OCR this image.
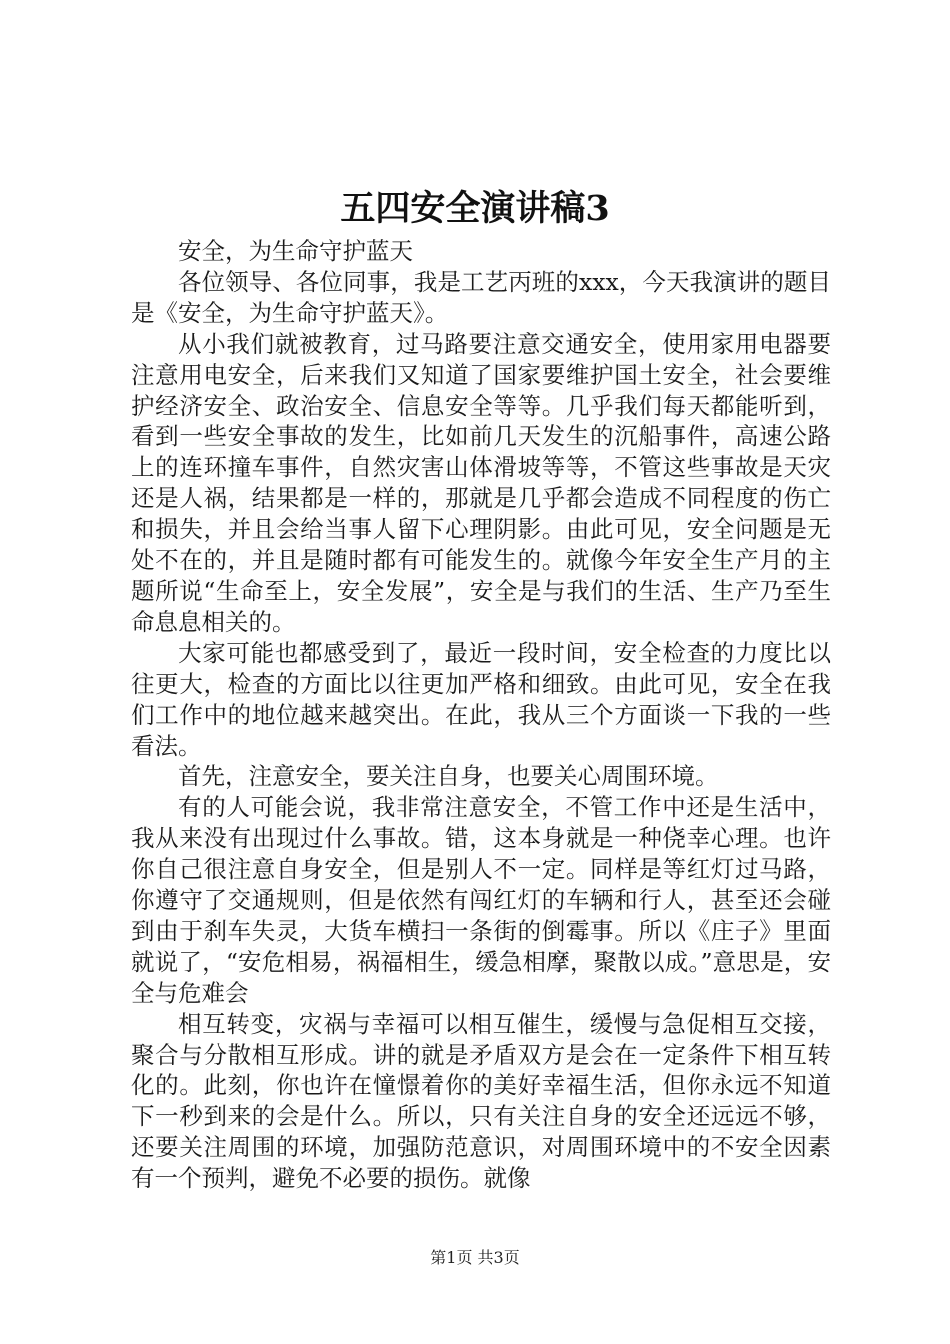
五四安全演讲稿3

安全，为生命守护蓝天

各位领导、各位同事，我是工艺丙班的xxx，今天我演讲的题目是《安全，为生命守护蓝天》。

从小我们就被教育，过马路要注意交通安全，使用家用电器要注意用电安全，后来我们又知道了国家要维护国土安全，社会要维护经济安全、政治安全、信息安全等等。几乎我们每天都能听到，看到一些安全事故的发生，比如前几天发生的沉船事件，高速公路上的连环撞车事件，自然灾害山体滑坡等等，不管这些事故是天灾还是人祸，结果都是一样的，那就是几乎都会造成不同程度的伤亡和损失，并且会给当事人留下心理阴影。由此可见，安全问题是无处不在的，并且是随时都有可能发生的。就像今年安全生产月的主题所说“生命至上，安全发展”，安全是与我们的生活、生产乃至生命息息相关的。

大家可能也都感受到了，最近一段时间，安全检查的力度比以往更大，检查的方面比以往更加严格和细致。由此可见，安全在我们工作中的地位越来越突出。在此，我从三个方面谈一下我的一些看法。

首先，注意安全，要关注自身，也要关心周围环境。

有的人可能会说，我非常注意安全，不管工作中还是生活中，我从来没有出现过什么事故。错，这本身就是一种侥幸心理。也许你自己很注意自身安全，但是别人不一定。同样是等红灯过马路，你遵守了交通规则，但是依然有闯红灯的车辆和行人，甚至还会碰到由于刹车失灵，大货车横扫一条街的倒霉事。所以《庄子》里面就说了，“安危相易，祸福相生，缓急相摩，聚散以成。”意思是，安全与危难会

相互转变，灾祸与幸福可以相互催生，缓慢与急促相互交接，聚合与分散相互形成。讲的就是矛盾双方是会在一定条件下相互转化的。此刻，你也许在憧憬着你的美好幸福生活，但你永远不知道下一秒到来的会是什么。所以，只有关注自身的安全还远远不够，还要关注周围的环境，加强防范意识，对周围环境中的不安全因素有一个预判，避免不必要的损伤。就像

第1页 共3页
